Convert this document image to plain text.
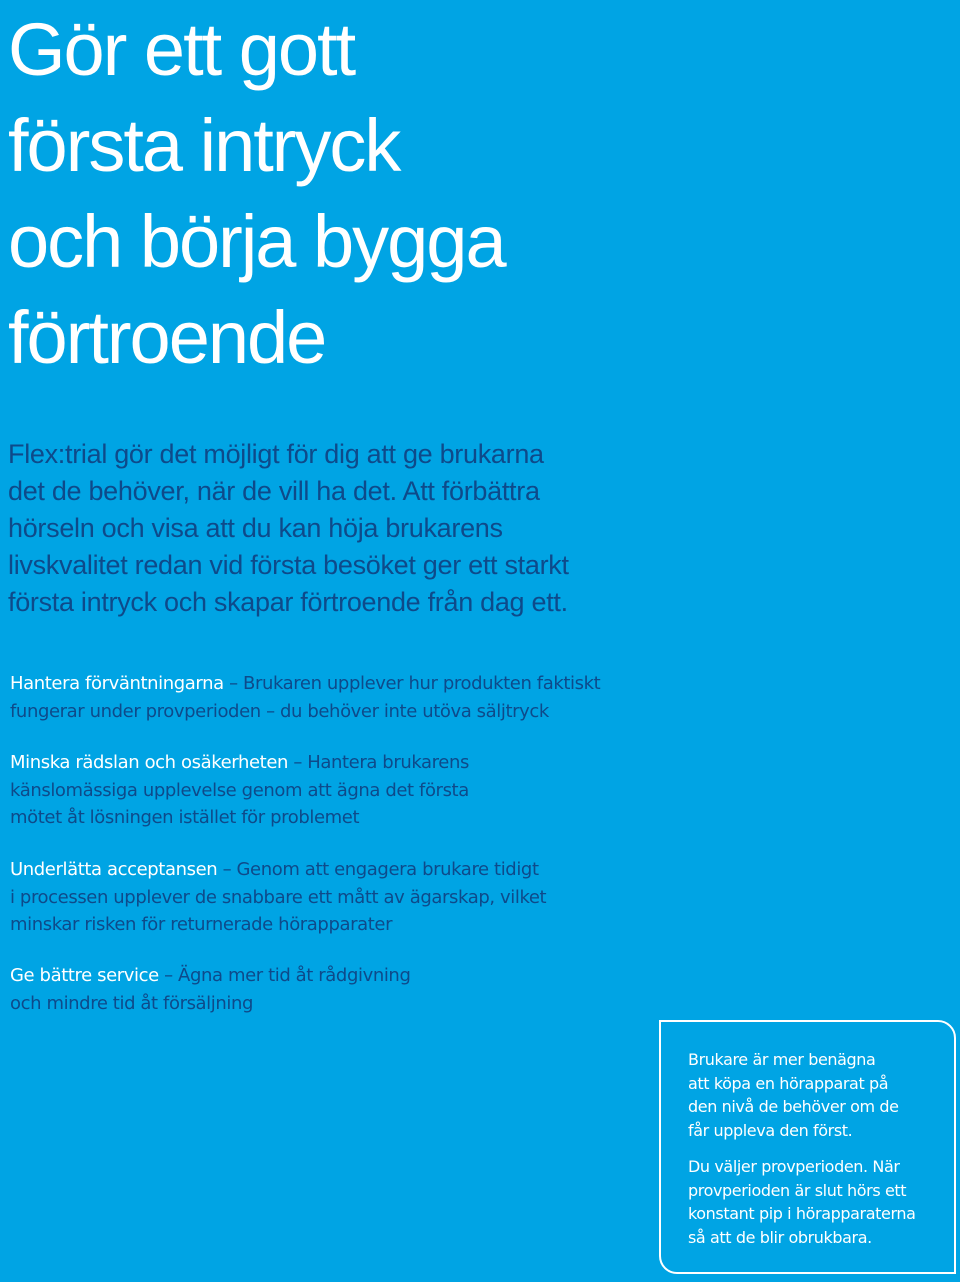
Gör ett gott
första intryck
och börja bygga
förtroende

Flex:trial gör det möjligt för dig att ge brukarna
det de behöver, när de vill ha det. Att förbättra
hörseln och visa att du kan höja brukarens
livskvalitet redan vid första besöket ger ett starkt
första intryck och skapar förtroende från dag ett.

Hantera förväntningarna – Brukaren upplever hur produkten faktiskt
fungerar under provperioden – du behöver inte utöva säljtryck
Minska rädslan och osäkerheten – Hantera brukarens
känslomässiga upplevelse genom att ägna det första
mötet åt lösningen istället för problemet
Underlätta acceptansen – Genom att engagera brukare tidigt
i processen upplever de snabbare ett mått av ägarskap, vilket
minskar risken för returnerade hörapparater
Ge bättre service – Ägna mer tid åt rådgivning
och mindre tid åt försäljning

Brukare är mer benägna
att köpa en hörapparat på
den nivå de behöver om de
får uppleva den först.

Du väljer provperioden. När
provperioden är slut hörs ett
konstant pip i hörapparaterna
så att de blir obrukbara.
